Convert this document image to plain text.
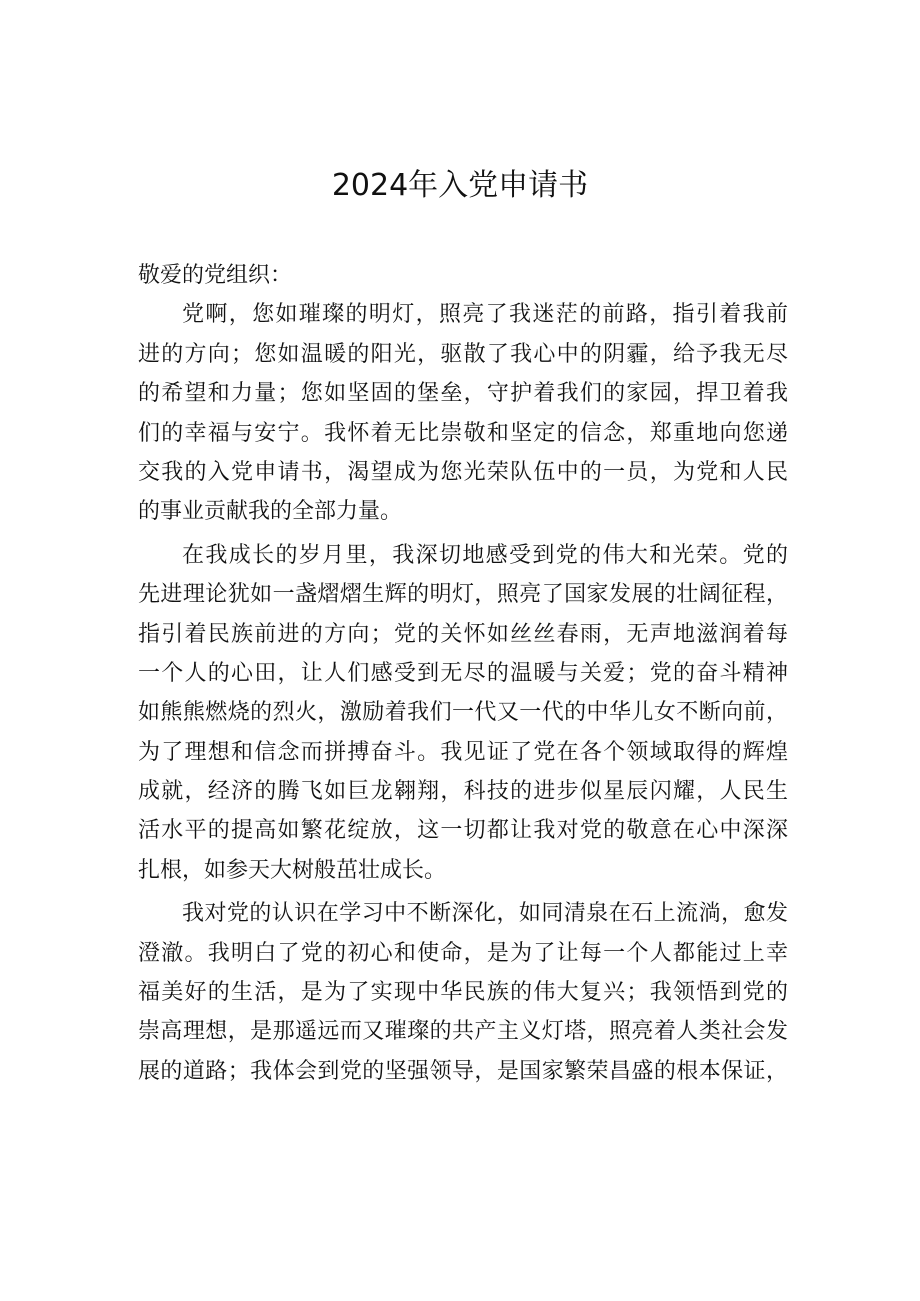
2024年入党申请书
敬爱的党组织：
党啊，您如璀璨的明灯，照亮了我迷茫的前路，指引着我前
进的方向；您如温暖的阳光，驱散了我心中的阴霾，给予我无尽
的希望和力量；您如坚固的堡垒，守护着我们的家园，捍卫着我
们的幸福与安宁。我怀着无比崇敬和坚定的信念，郑重地向您递
交我的入党申请书，渴望成为您光荣队伍中的一员，为党和人民
的事业贡献我的全部力量。
在我成长的岁月里，我深切地感受到党的伟大和光荣。党的
先进理论犹如一盏熠熠生辉的明灯，照亮了国家发展的壮阔征程，
指引着民族前进的方向；党的关怀如丝丝春雨，无声地滋润着每
一个人的心田，让人们感受到无尽的温暖与关爱；党的奋斗精神
如熊熊燃烧的烈火，激励着我们一代又一代的中华儿女不断向前，
为了理想和信念而拼搏奋斗。我见证了党在各个领域取得的辉煌
成就，经济的腾飞如巨龙翱翔，科技的进步似星辰闪耀，人民生
活水平的提高如繁花绽放，这一切都让我对党的敬意在心中深深
扎根，如参天大树般茁壮成长。
我对党的认识在学习中不断深化，如同清泉在石上流淌，愈发
澄澈。我明白了党的初心和使命，是为了让每一个人都能过上幸
福美好的生活，是为了实现中华民族的伟大复兴；我领悟到党的
崇高理想，是那遥远而又璀璨的共产主义灯塔，照亮着人类社会发
展的道路；我体会到党的坚强领导，是国家繁荣昌盛的根本保证，
